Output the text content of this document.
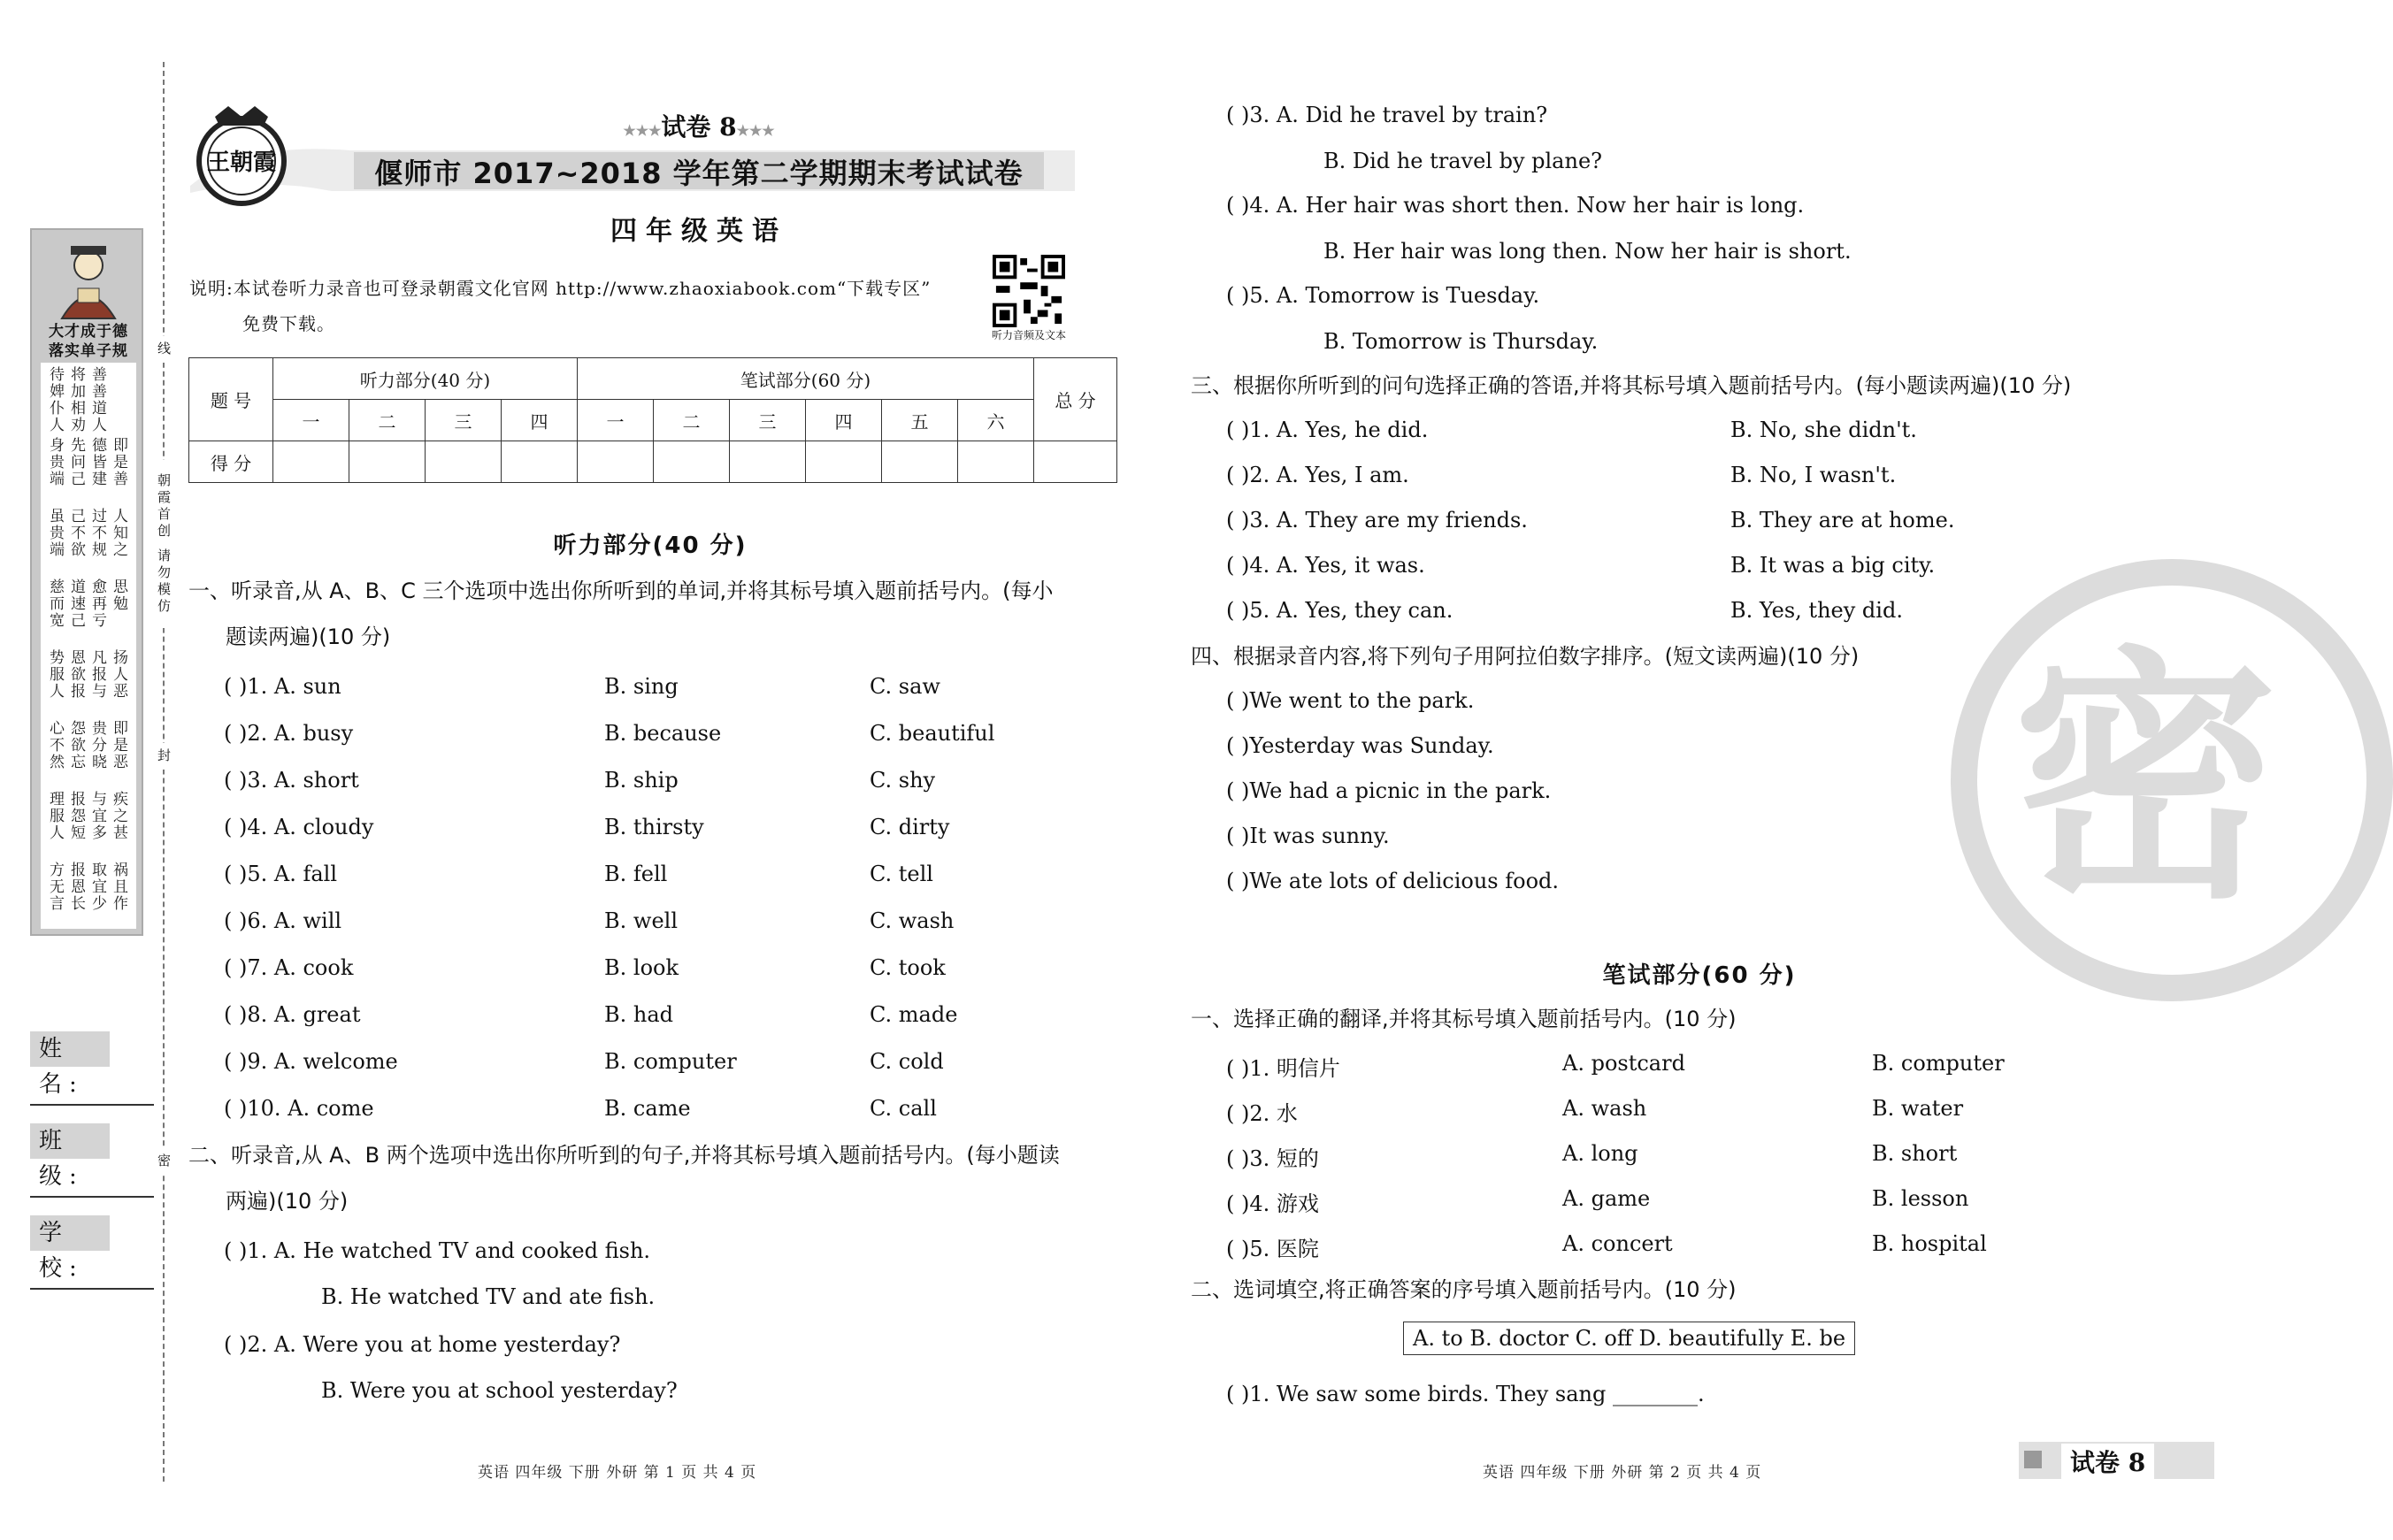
大才成于德
落实单子规
待婢仆人 将加相劝 善善道人
身贵端 先问己 德皆建 即是善
虽贵端 己不欲 过不规 人知之
慈而宽 道速己 愈再亏 思勉
势服人 恩欲报 凡报与 扬人恶
心不然 怨欲忘 贵分晓 即是恶
理服人 报怨短 与宜多 疾之甚
方无言 报恩长 取宜少 祸且作
线
朝霞首创 请勿模仿
封
密
姓 名:
班 级:
学 校:
王朝霞
★★★试卷 8★★★
偃师市 2017~2018 学年第二学期期末考试试卷
四年级英语
说明:本试卷听力录音也可登录朝霞文化官网 http://www.zhaoxiabook.com“下载专区”
免费下载。
听力音频及文本
题 号	听力部分(40 分)				笔试部分(60 分)						总 分
	一	二	三	四	一	二	三	四	五	六	
得 分											
听力部分(40 分)
一、听录音,从 A、B、C 三个选项中选出你所听到的单词,并将其标号填入题前括号内。(每小
题读两遍)(10 分)
( )1. A. sun	B. sing	C. saw
( )2. A. busy	B. because	C. beautiful
( )3. A. short	B. ship	C. shy
( )4. A. cloudy	B. thirsty	C. dirty
( )5. A. fall	B. fell	C. tell
( )6. A. will	B. well	C. wash
( )7. A. cook	B. look	C. took
( )8. A. great	B. had	C. made
( )9. A. welcome	B. computer	C. cold
( )10. A. come	B. came	C. call
二、听录音,从 A、B 两个选项中选出你所听到的句子,并将其标号填入题前括号内。(每小题读
两遍)(10 分)
( )1. A. He watched TV and cooked fish.
B. He watched TV and ate fish.
( )2. A. Were you at home yesterday?
B. Were you at school yesterday?
( )3. A. Did he travel by train?
B. Did he travel by plane?
( )4. A. Her hair was short then. Now her hair is long.
B. Her hair was long then. Now her hair is short.
( )5. A. Tomorrow is Tuesday.
B. Tomorrow is Thursday.
三、根据你所听到的问句选择正确的答语,并将其标号填入题前括号内。(每小题读两遍)(10 分)
( )1. A. Yes, he did.	B. No, she didn't.
( )2. A. Yes, I am.	B. No, I wasn't.
( )3. A. They are my friends.	B. They are at home.
( )4. A. Yes, it was.	B. It was a big city.
( )5. A. Yes, they can.	B. Yes, they did.
四、根据录音内容,将下列句子用阿拉伯数字排序。(短文读两遍)(10 分)
( )We went to the park.
( )Yesterday was Sunday.
( )We had a picnic in the park.
( )It was sunny.
( )We ate lots of delicious food.
笔试部分(60 分)
一、选择正确的翻译,并将其标号填入题前括号内。(10 分)
( )1. 明信片	A. postcard	B. computer
( )2. 水	A. wash	B. water
( )3. 短的	A. long	B. short
( )4. 游戏	A. game	B. lesson
( )5. 医院	A. concert	B. hospital
二、选词填空,将正确答案的序号填入题前括号内。(10 分)
A. to B. doctor C. off D. beautifully E. be
( )1. We saw some birds. They sang ________.
密
英语 四年级 下册 外研 第 1 页 共 4 页	英语 四年级 下册 外研 第 2 页 共 4 页	试卷 8
